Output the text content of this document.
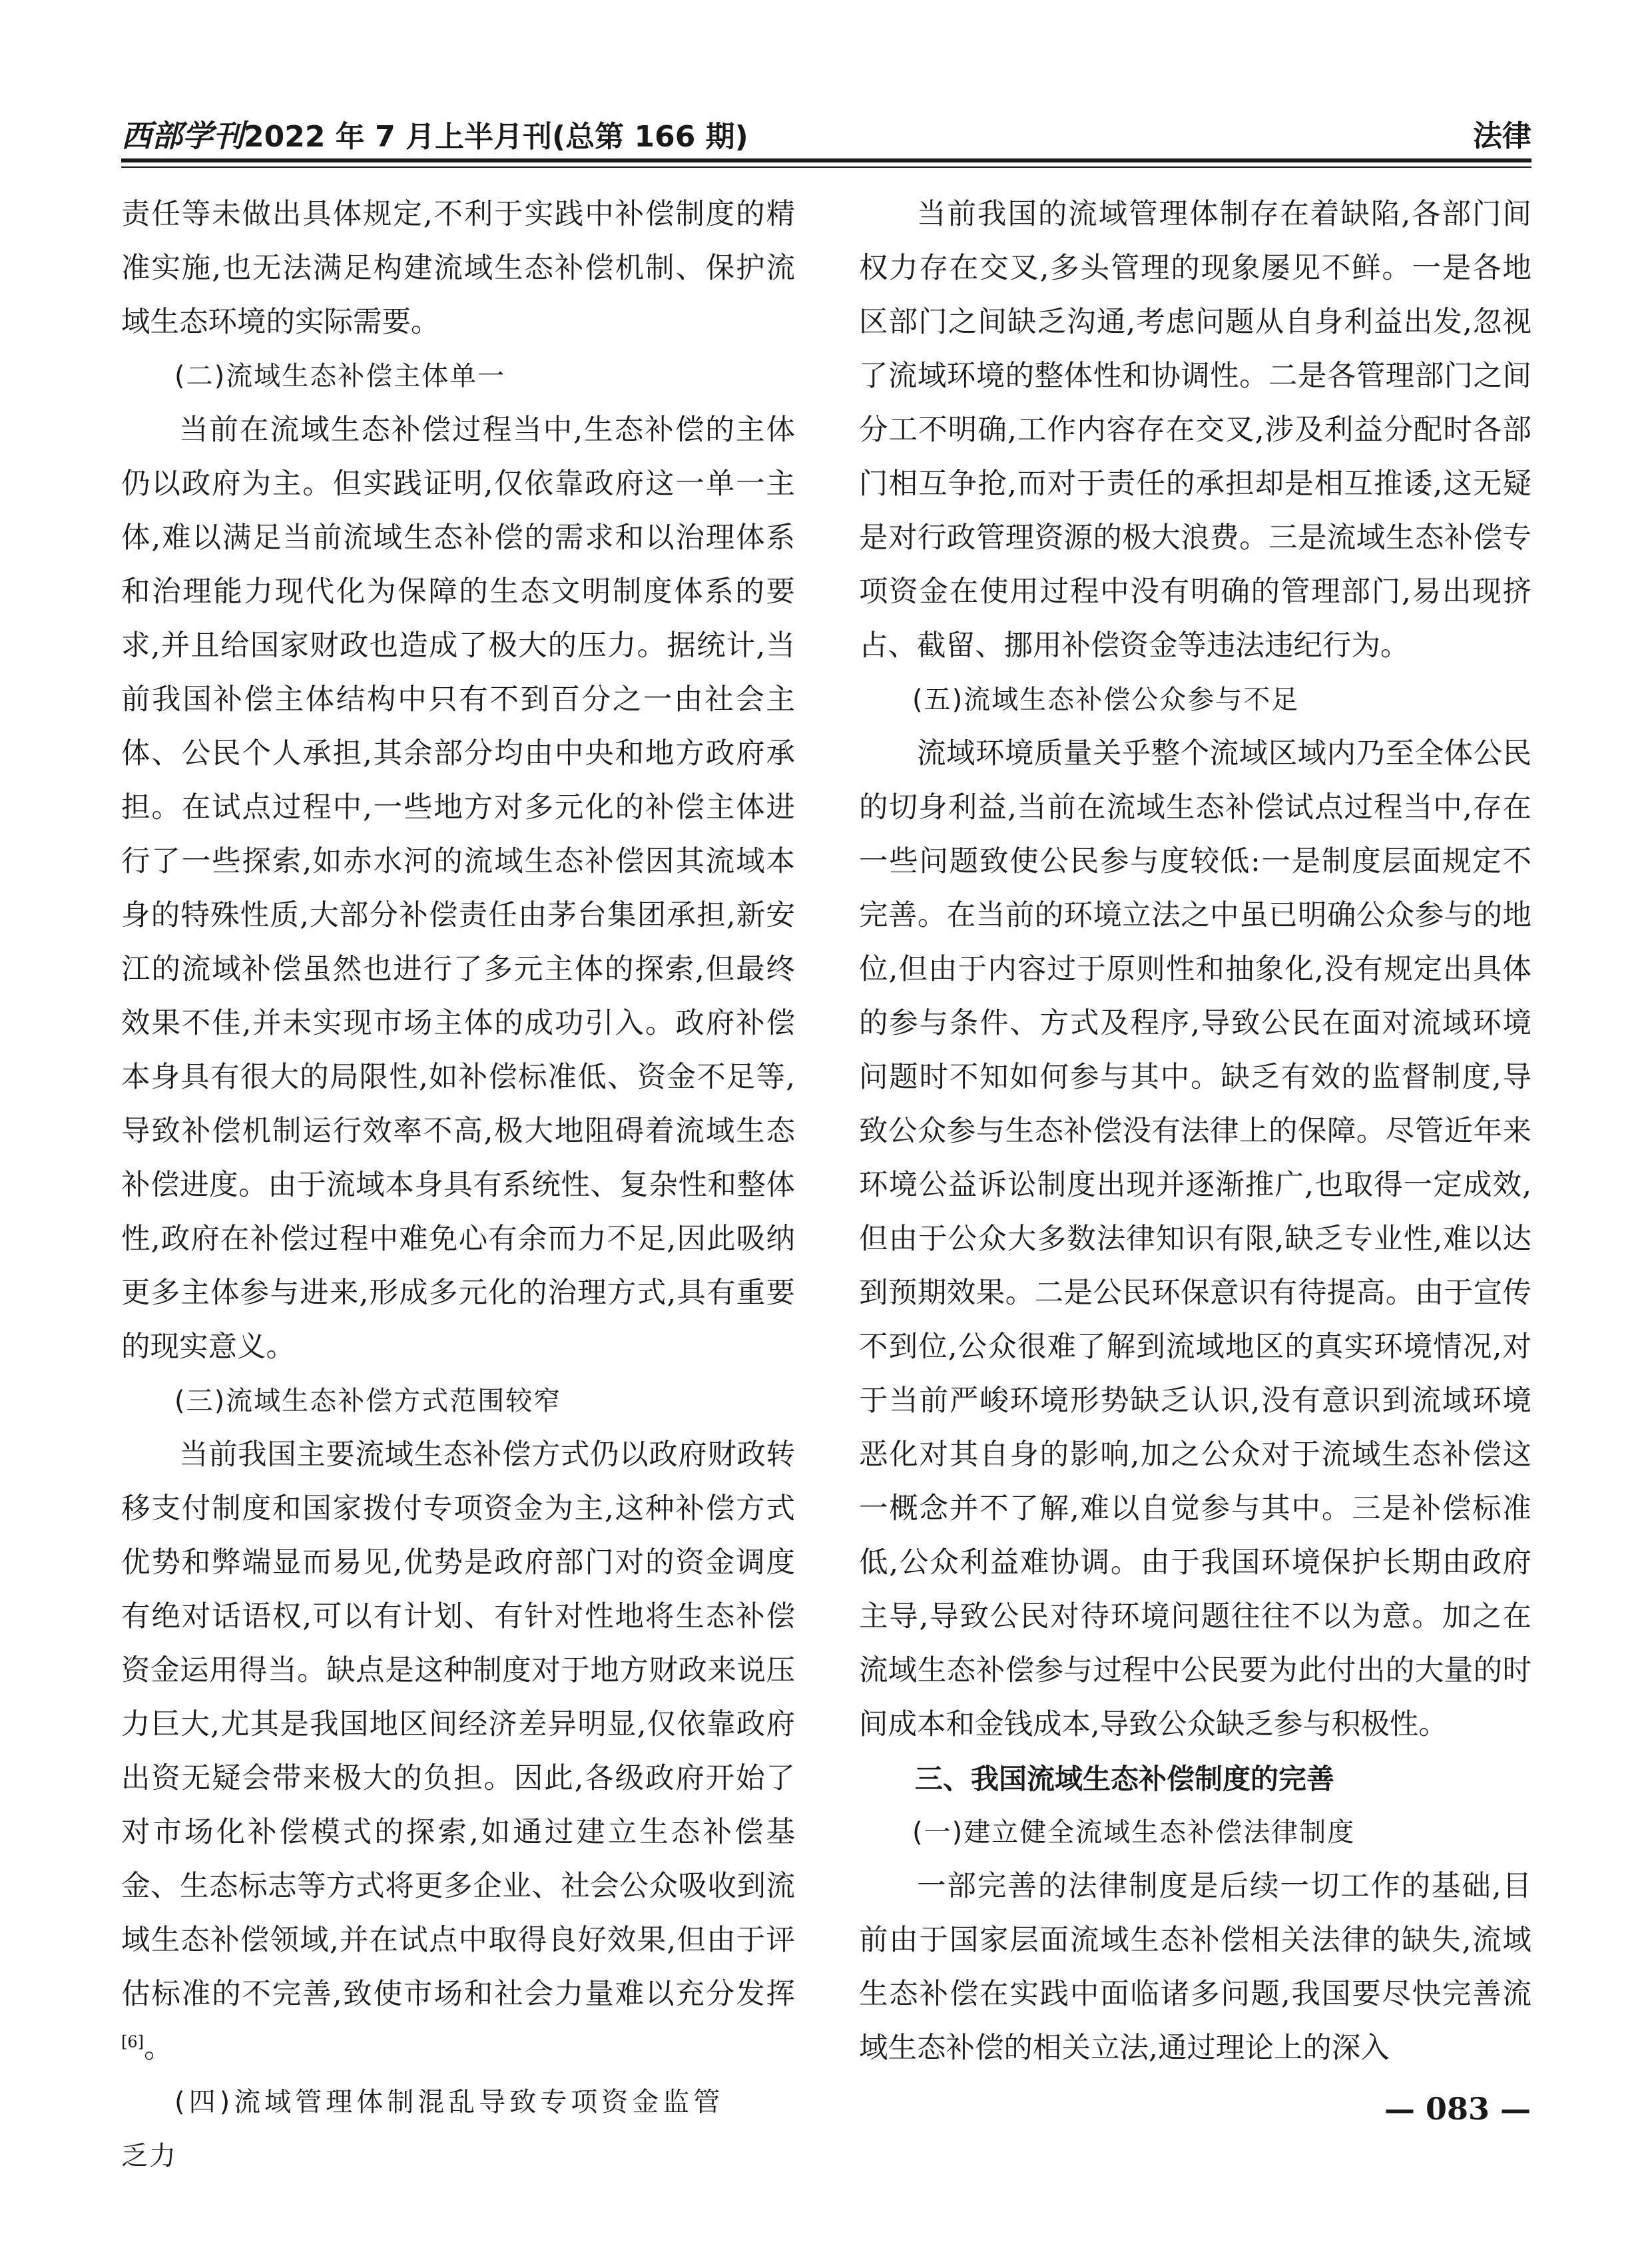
西部学刊2022 年 7 月上半月刊(总第 166 期)	法律

责任等未做出具体规定,不利于实践中补偿制度的精准实施,也无法满足构建流域生态补偿机制、保护流域生态环境的实际需要。

(二)流域生态补偿主体单一

当前在流域生态补偿过程当中,生态补偿的主体仍以政府为主。但实践证明,仅依靠政府这一单一主体,难以满足当前流域生态补偿的需求和以治理体系和治理能力现代化为保障的生态文明制度体系的要求,并且给国家财政也造成了极大的压力。据统计,当前我国补偿主体结构中只有不到百分之一由社会主体、公民个人承担,其余部分均由中央和地方政府承担。在试点过程中,一些地方对多元化的补偿主体进行了一些探索,如赤水河的流域生态补偿因其流域本身的特殊性质,大部分补偿责任由茅台集团承担,新安江的流域补偿虽然也进行了多元主体的探索,但最终效果不佳,并未实现市场主体的成功引入。政府补偿本身具有很大的局限性,如补偿标准低、资金不足等,导致补偿机制运行效率不高,极大地阻碍着流域生态补偿进度。由于流域本身具有系统性、复杂性和整体性,政府在补偿过程中难免心有余而力不足,因此吸纳更多主体参与进来,形成多元化的治理方式,具有重要的现实意义。

(三)流域生态补偿方式范围较窄

当前我国主要流域生态补偿方式仍以政府财政转移支付制度和国家拨付专项资金为主,这种补偿方式优势和弊端显而易见,优势是政府部门对的资金调度有绝对话语权,可以有计划、有针对性地将生态补偿资金运用得当。缺点是这种制度对于地方财政来说压力巨大,尤其是我国地区间经济差异明显,仅依靠政府出资无疑会带来极大的负担。因此,各级政府开始了对市场化补偿模式的探索,如通过建立生态补偿基金、生态标志等方式将更多企业、社会公众吸收到流域生态补偿领域,并在试点中取得良好效果,但由于评估标准的不完善,致使市场和社会力量难以充分发挥[6]。

(四)流域管理体制混乱导致专项资金监管

乏力

当前我国的流域管理体制存在着缺陷,各部门间权力存在交叉,多头管理的现象屡见不鲜。一是各地区部门之间缺乏沟通,考虑问题从自身利益出发,忽视了流域环境的整体性和协调性。二是各管理部门之间分工不明确,工作内容存在交叉,涉及利益分配时各部门相互争抢,而对于责任的承担却是相互推诿,这无疑是对行政管理资源的极大浪费。三是流域生态补偿专项资金在使用过程中没有明确的管理部门,易出现挤占、截留、挪用补偿资金等违法违纪行为。

(五)流域生态补偿公众参与不足

流域环境质量关乎整个流域区域内乃至全体公民的切身利益,当前在流域生态补偿试点过程当中,存在一些问题致使公民参与度较低:一是制度层面规定不完善。在当前的环境立法之中虽已明确公众参与的地位,但由于内容过于原则性和抽象化,没有规定出具体的参与条件、方式及程序,导致公民在面对流域环境问题时不知如何参与其中。缺乏有效的监督制度,导致公众参与生态补偿没有法律上的保障。尽管近年来环境公益诉讼制度出现并逐渐推广,也取得一定成效,但由于公众大多数法律知识有限,缺乏专业性,难以达到预期效果。二是公民环保意识有待提高。由于宣传不到位,公众很难了解到流域地区的真实环境情况,对于当前严峻环境形势缺乏认识,没有意识到流域环境恶化对其自身的影响,加之公众对于流域生态补偿这一概念并不了解,难以自觉参与其中。三是补偿标准低,公众利益难协调。由于我国环境保护长期由政府主导,导致公民对待环境问题往往不以为意。加之在流域生态补偿参与过程中公民要为此付出的大量的时间成本和金钱成本,导致公众缺乏参与积极性。

三、我国流域生态补偿制度的完善

(一)建立健全流域生态补偿法律制度

一部完善的法律制度是后续一切工作的基础,目前由于国家层面流域生态补偿相关法律的缺失,流域生态补偿在实践中面临诸多问题,我国要尽快完善流域生态补偿的相关立法,通过理论上的深入

— 083 —
